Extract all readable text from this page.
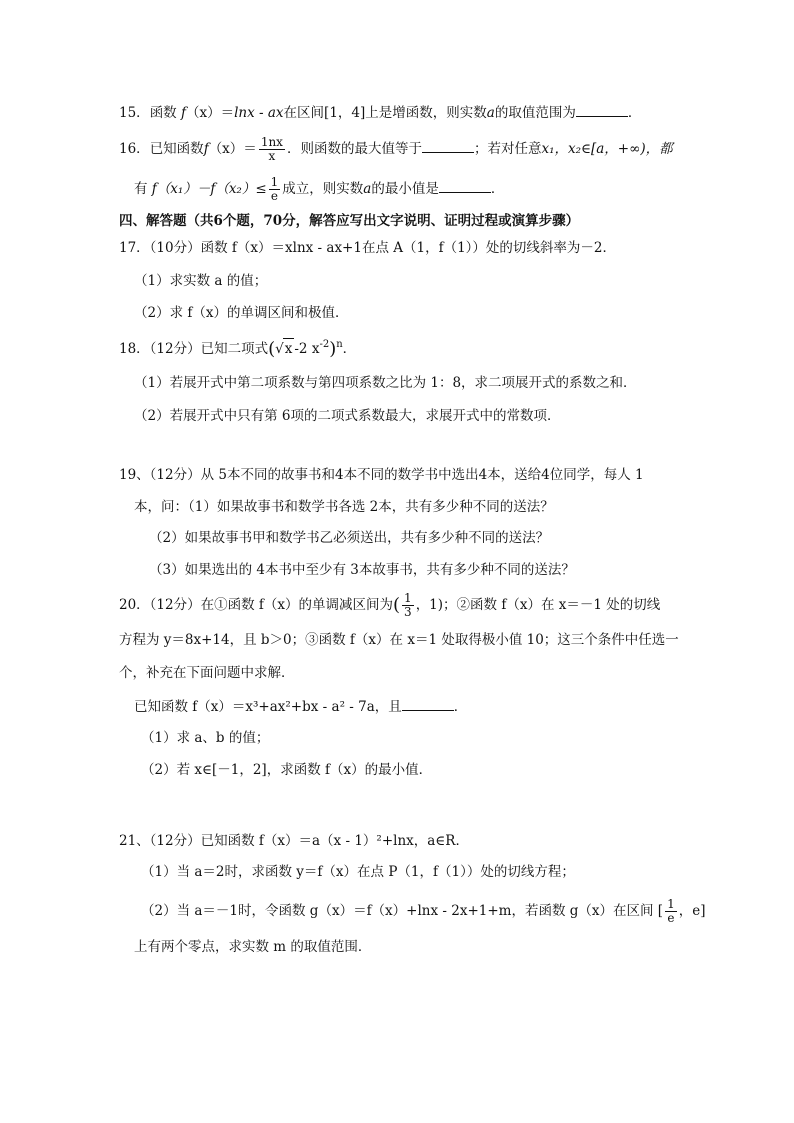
15．函数 f（x）＝lnx - ax在区间[1，4]上是增函数，则实数a的取值范围为	．
16．已知函数$f(x)= \frac{1nx}{x}$ ．则函数的最大值等于	；若对任意x₁，x₂∈[a，+∞)，都
有 $f(x_1)-f(x_2)\le \frac{1}{e}$ 成立，则实数a的最小值是	．
四、解答题（共6个题，70分，解答应写出文字说明、证明过程或演算步骤）
17．（10分）函数 f（x）＝xlnx - ax+1在点 A（1，f（1））处的切线斜率为－2．
（1）求实数 a 的值；
（2）求 f（x）的单调区间和极值．
18．（12分）已知二项式(√x -2 $x^{-2})^n$．
（1）若展开式中第二项系数与第四项系数之比为 1：8，求二项展开式的系数之和．
（2）若展开式中只有第 6项的二项式系数最大，求展开式中的常数项．
19、（12分）从 5本不同的故事书和4本不同的数学书中选出4本，送给4位同学，每人 1
本，问：（1）如果故事书和数学书各选 2本，共有多少种不同的送法？
（2）如果故事书甲和数学书乙必须送出，共有多少种不同的送法？
（3）如果选出的 4本书中至少有 3本故事书，共有多少种不同的送法？
20．（12分）在①函数 f（x）的单调减区间为( $\frac{1}{3}$ ，1)；②函数 f（x）在 x＝－1 处的切线
方程为 y＝8x+14，且 b＞0；③函数 f（x）在 x＝1 处取得极小值 10；这三个条件中任选一
个，补充在下面问题中求解．
已知函数 f（x）＝x³+ax²+bx - a² - 7a，且	．
（1）求 a、b 的值；
（2）若 x∈[－1，2]，求函数 f（x）的最小值．
21、（12分）已知函数 f（x）＝a（x - 1）²+lnx，a∈R．
（1）当 a＝2时，求函数 y＝f（x）在点 P（1，f（1））处的切线方程；
（2）当 a＝－1时，令函数 g（x）＝f（x）+lnx - 2x+1+m，若函数 g（x）在区间 [ $\frac{1}{e}$ ，e]
上有两个零点，求实数 m 的取值范围．
